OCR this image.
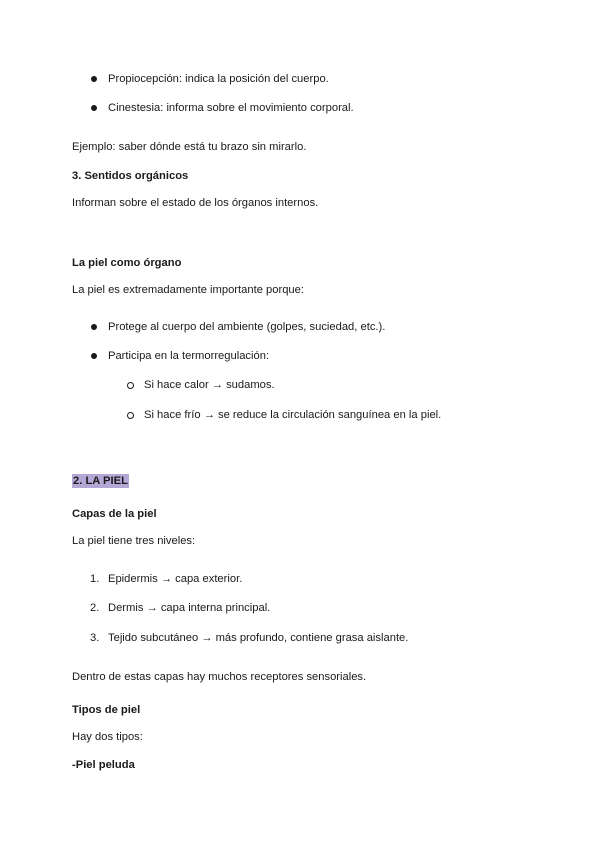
Propiocepción: indica la posición del cuerpo.
Cinestesia: informa sobre el movimiento corporal.
Ejemplo: saber dónde está tu brazo sin mirarlo.
3. Sentidos orgánicos
Informan sobre el estado de los órganos internos.
La piel como órgano
La piel es extremadamente importante porque:
Protege al cuerpo del ambiente (golpes, suciedad, etc.).
Participa en la termorregulación:
Si hace calor → sudamos.
Si hace frío → se reduce la circulación sanguínea en la piel.
2. LA PIEL
Capas de la piel
La piel tiene tres niveles:
1. Epidermis → capa exterior.
2. Dermis → capa interna principal.
3. Tejido subcutáneo → más profundo, contiene grasa aislante.
Dentro de estas capas hay muchos receptores sensoriales.
Tipos de piel
Hay dos tipos:
-Piel peluda
